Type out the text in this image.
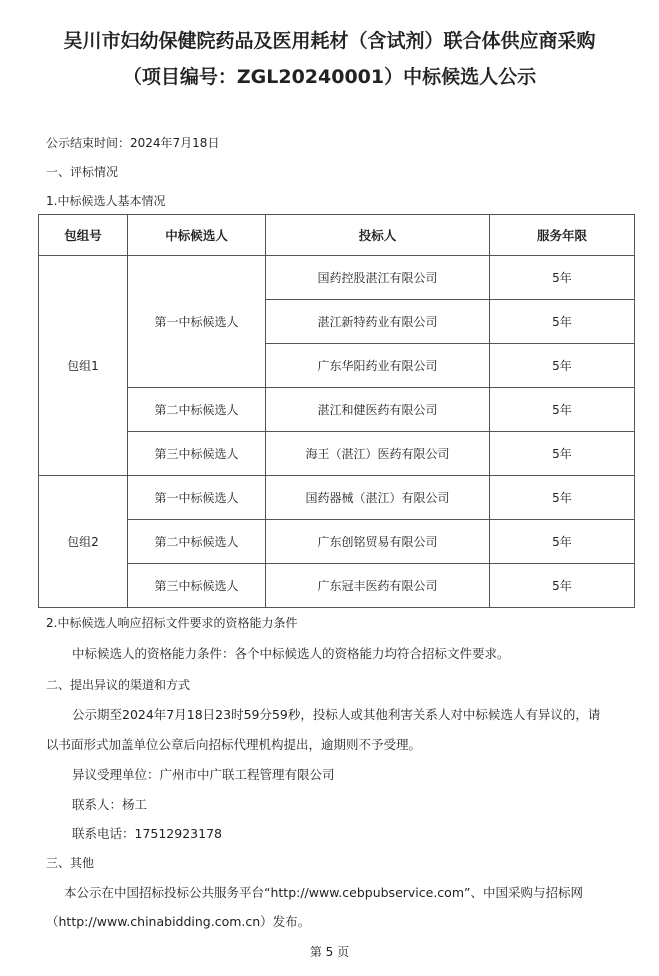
吴川市妇幼保健院药品及医用耗材（含试剂）联合体供应商采购
（项目编号：ZGL20240001）中标候选人公示
公示结束时间：2024年7月18日
一、评标情况
1.中标候选人基本情况
包组号	中标候选人	投标人	服务年限
包组1	第一中标候选人	国药控股湛江有限公司	5年
		湛江新特药业有限公司	5年
		广东华阳药业有限公司	5年
	第二中标候选人	湛江和健医药有限公司	5年
	第三中标候选人	海王（湛江）医药有限公司	5年
包组2	第一中标候选人	国药器械（湛江）有限公司	5年
	第二中标候选人	广东创铭贸易有限公司	5年
	第三中标候选人	广东冠丰医药有限公司	5年
2.中标候选人响应招标文件要求的资格能力条件
中标候选人的资格能力条件：各个中标候选人的资格能力均符合招标文件要求。
二、提出异议的渠道和方式
公示期至2024年7月18日23时59分59秒，投标人或其他利害关系人对中标候选人有异议的，请
以书面形式加盖单位公章后向招标代理机构提出，逾期则不予受理。
异议受理单位：广州市中广联工程管理有限公司
联系人：杨工
联系电话：17512923178
三、其他
本公示在中国招标投标公共服务平台“http://www.cebpubservice.com”、中国采购与招标网
（http://www.chinabidding.com.cn）发布。
第 5 页
